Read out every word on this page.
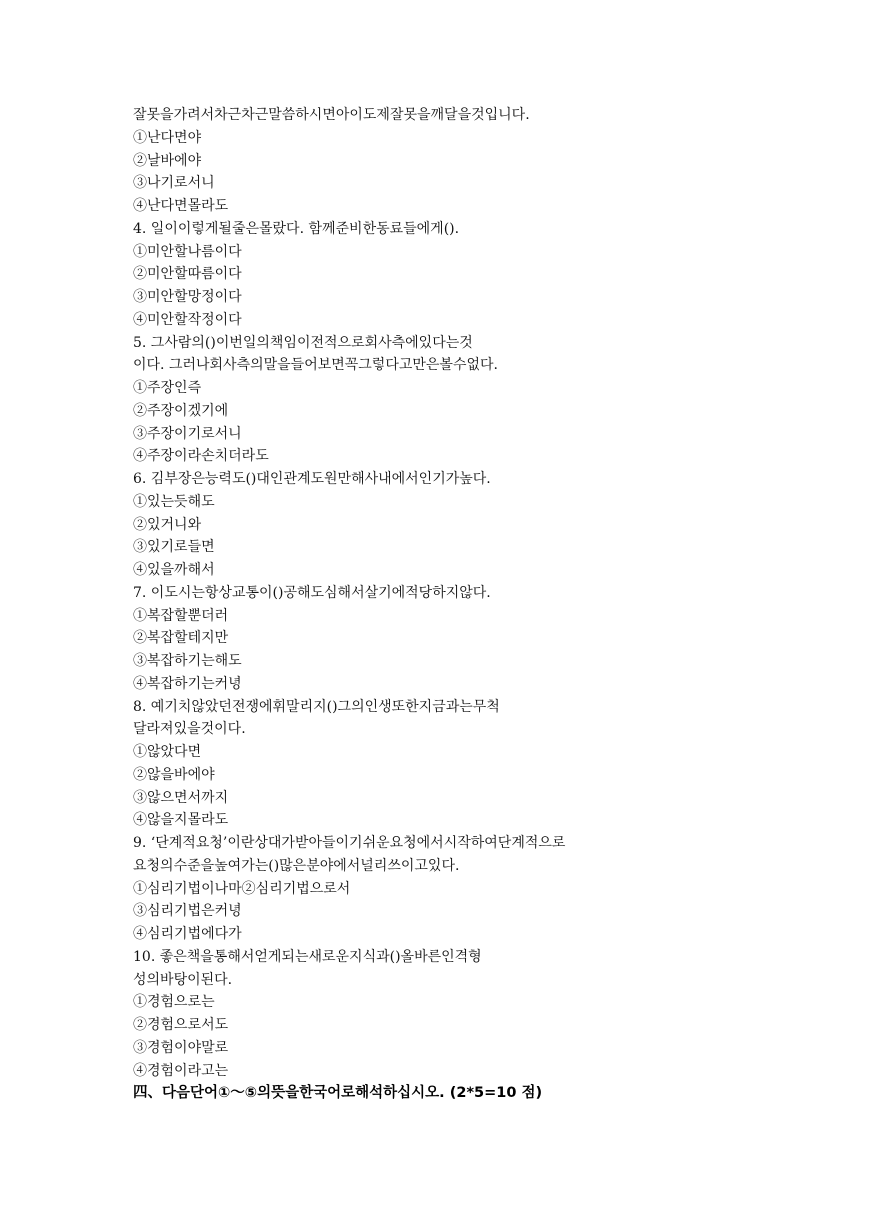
잘못을가려서차근차근말씀하시면아이도제잘못을깨달을것입니다.
①난다면야
②날바에야
③나기로서니
④난다면몰라도
4. 일이이렇게될줄은몰랐다. 함께준비한동료들에게().
①미안할나름이다
②미안할따름이다
③미안할망정이다
④미안할작정이다
5. 그사람의()이번일의책임이전적으로회사측에있다는것
이다. 그러나회사측의말을들어보면꼭그렇다고만은볼수없다.
①주장인즉
②주장이겠기에
③주장이기로서니
④주장이라손치더라도
6. 김부장은능력도()대인관계도원만해사내에서인기가높다.
①있는듯해도
②있거니와
③있기로들면
④있을까해서
7. 이도시는항상교통이()공해도심해서살기에적당하지않다.
①복잡할뿐더러
②복잡할테지만
③복잡하기는해도
④복잡하기는커녕
8. 예기치않았던전쟁에휘말리지()그의인생또한지금과는무척
달라져있을것이다.
①않았다면
②않을바에야
③않으면서까지
④않을지몰라도
9. ‘단계적요청’이란상대가받아들이기쉬운요청에서시작하여단계적으로
요청의수준을높여가는()많은분야에서널리쓰이고있다.
①심리기법이나마②심리기법으로서
③심리기법은커녕
④심리기법에다가
10. 좋은책을통해서얻게되는새로운지식과()올바른인격형
성의바탕이된다.
①경험으로는
②경험으로서도
③경험이야말로
④경험이라고는
四、다음단어①～⑤의뜻을한국어로해석하십시오. (2*5=10 점)
